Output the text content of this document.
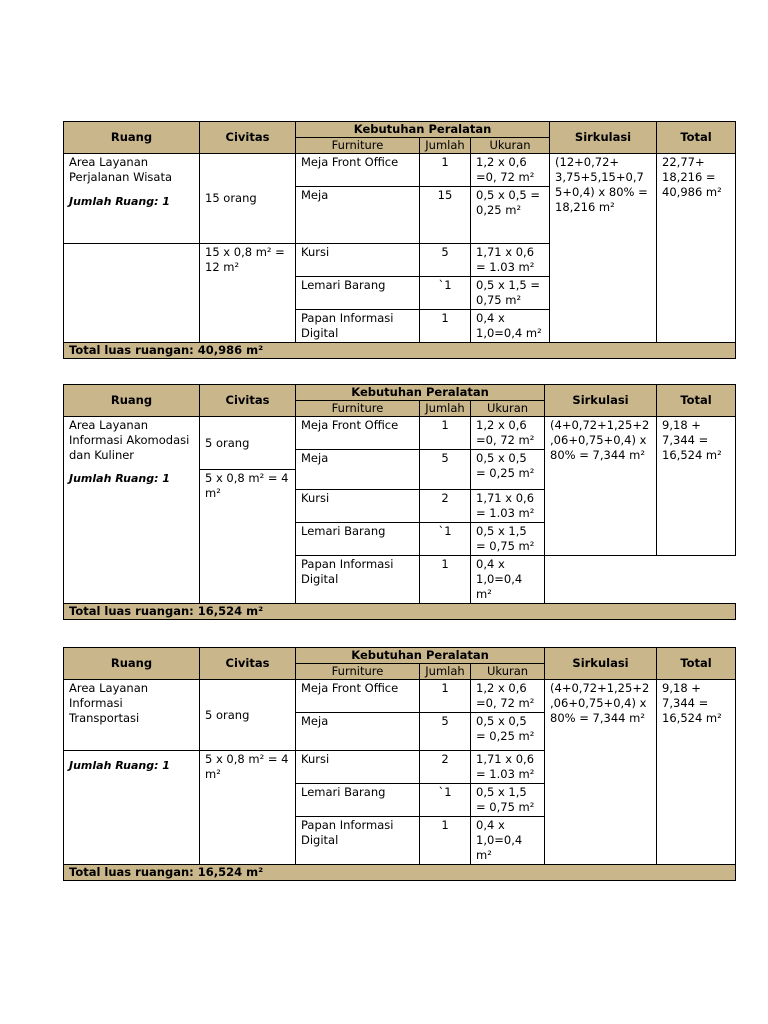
Ruang	Civitas	Kebutuhan Peralatan			Sirkulasi	Total
		Furniture	Jumlah	Ukuran		

Area Layanan
Perjalanan Wisata	15 orang	Meja Front Office	1	1,2 x 0,6 =0, 72 m²	(12+0,72+ 3,75+5,15+0,7 5+0,4) x 80% = 18,216 m²	22,77+ 18,216 = 40,986 m²

Jumlah Ruang: 1		Meja	15	0,5 x 0,5 = 0,25 m²		
	15 x 0,8 m² = 12 m²	Kursi	5	1,71 x 0,6 = 1.03 m²		
		Lemari Barang	`1	0,5 x 1,5 = 0,75 m²		
		Papan Informasi Digital	1	0,4 x 1,0=0,4 m²		
Total luas ruangan: 40,986 m²						
Ruang	Civitas	Kebutuhan Peralatan			Sirkulasi	Total
		Furniture	Jumlah	Ukuran		

Area Layanan
Informasi Akomodasi
dan Kuliner	5 orang	Meja Front Office	1	1,2 x 0,6 =0, 72 m²	(4+0,72+1,25+2 ,06+0,75+0,4) x 80% = 7,344 m²	9,18 + 7,344 = 16,524 m²
		Meja	5	0,5 x 0,5 = 0,25 m²		

Jumlah Ruang: 1	5 x 0,8 m² = 4 m²					
		Kursi	2	1,71 x 0,6 = 1.03 m²		
		Lemari Barang	`1	0,5 x 1,5 = 0,75 m²		
		Papan Informasi Digital	1	0,4 x 1,0=0,4 m²		
Total luas ruangan: 16,524 m²						
Ruang	Civitas	Kebutuhan Peralatan			Sirkulasi	Total
		Furniture	Jumlah	Ukuran		

Area Layanan
Informasi Transportasi	5 orang	Meja Front Office	1	1,2 x 0,6 =0, 72 m²	(4+0,72+1,25+2 ,06+0,75+0,4) x 80% = 7,344 m²	9,18 + 7,344 = 16,524 m²
		Meja	5	0,5 x 0,5 = 0,25 m²		

Jumlah Ruang: 1	5 x 0,8 m² = 4 m²	Kursi	2	1,71 x 0,6 = 1.03 m²		
		Lemari Barang	`1	0,5 x 1,5 = 0,75 m²		
		Papan Informasi Digital	1	0,4 x 1,0=0,4 m²		
Total luas ruangan: 16,524 m²						
